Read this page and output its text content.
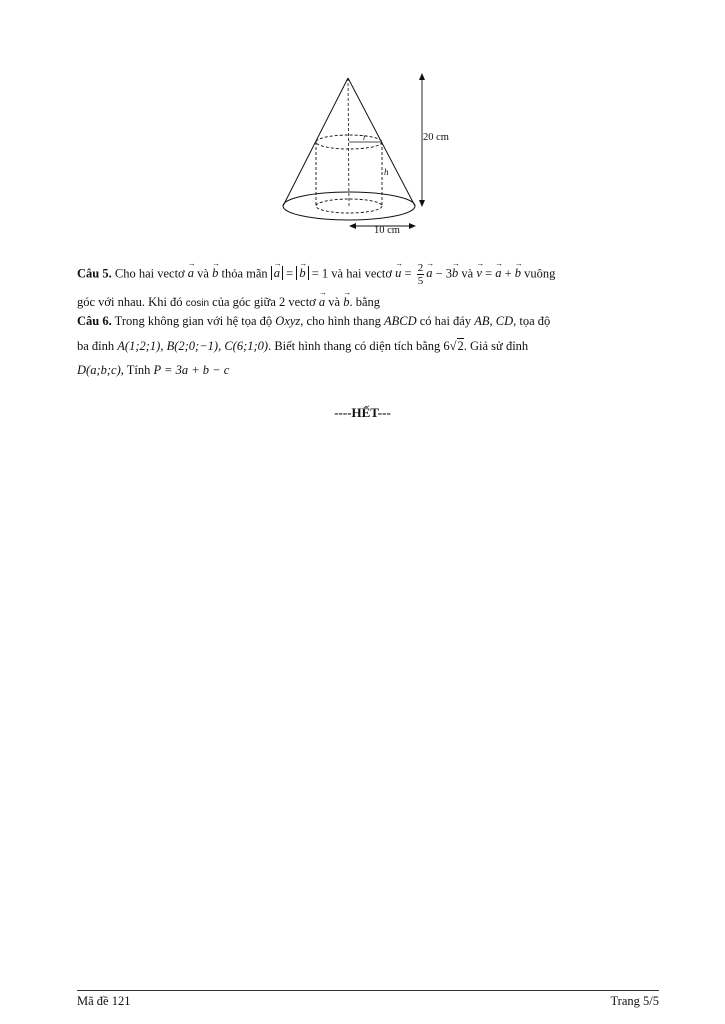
20 cm
10 cm
r
h
Câu 5. Cho hai vectơ → a và → b thỏa mãn → a = → b = 1 và hai vectơ → $u = \frac{2}{5}$
→ a − 3→ b và → v = → a + → b vuông
góc với nhau. Khi đó cosin của góc giữa 2 vectơ → a và → b. bằng
Câu 6. Trong không gian với hệ tọa độ Oxyz, cho hình thang ABCD có hai đáy AB, CD, tọa độ
ba đỉnh A(1;2;1), B(2;0;−1), C(6;1;0). Biết hình thang có diện tích bằng 6√2. Giả sử đỉnh
D(a;b;c), Tính P = 3a + b − c
----HẾT---
Mã đề 121	Trang 5/5
